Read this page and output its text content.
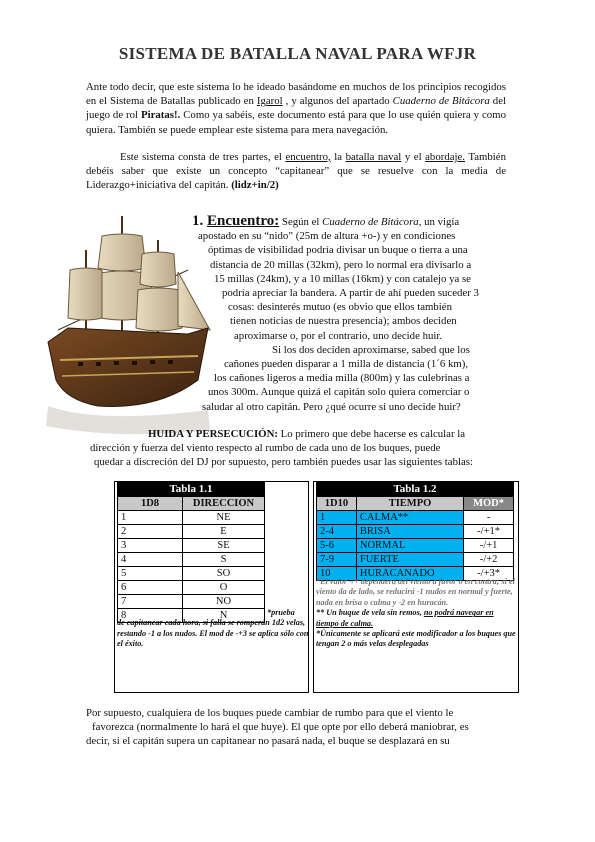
SISTEMA DE BATALLA NAVAL PARA WFJR
Ante todo decir, que este sistema lo he ideado basándome en muchos de los principios recogidos en el Sistema de Batallas publicado en Igarol , y algunos del apartado Cuaderno de Bitácora del juego de rol Piratas!. Como ya sabéis, este documento está para que lo use quién quiera y como quiera. También se puede emplear este sistema para mera navegación.
Este sistema consta de tres partes, el encuentro, la batalla naval y el abordaje. También debéis saber que existe un concepto “capitanear” que se resuelve con la media de Liderazgo+iniciativa del capitán. (lidz+in/2)
1. Encuentro: Según el Cuaderno de Bitácora, un vigía
apostado en su “nido” (25m de altura +o-) y en condiciones
óptimas de visibilidad podría divisar un buque o tierra a una
distancia de 20 millas (32km), pero lo normal era divisarlo a
15 millas (24km), y a 10 millas (16km) y con catalejo ya se
podría apreciar la bandera. A partir de ahí pueden suceder 3
cosas: desinterés mutuo (es obvio que ellos también
tienen noticias de nuestra presencia); ambos deciden
aproximarse o, por el contrario, uno decide huir.
Si los dos deciden aproximarse, sabed que los
cañones pueden disparar a 1 milla de distancia (1´6 km),
los cañones ligeros a media milla (800m) y las culebrinas a
unos 300m. Aunque quizá el capitán solo quiera comerciar o
saludar al otro capitán. Pero ¿qué ocurre si uno decide huir?
HUIDA Y PERSECUCIÓN: Lo primero que debe hacerse es calcular la
dirección y fuerza del viento respecto al rumbo de cada uno de los buques, puede
quedar a discreción del DJ por supuesto, pero también puedes usar las siguientes tablas:
Tabla 1.1	
1D8	DIRECCION
1	NE
2	E
3	SE
4	S
5	SO
6	O
7	NO
8	N	*prueba
de capitanear cada hora, si falla se romperán 1d2 velas, restando -1 a los nudos. El mod de -+3 se aplica sólo con el éxito.
Tabla 1.2		
1D10	TIEMPO	MOD*
1	CALMA**	-
2-4	BRISA	-/+1*
5-6	NORMAL	-/+1
7-9	FUERTE	-/+2
10	HURACANADO	-/+3*
*El valor -/+ dependerá del viento a favor o en contra; si el viento da de lado, se reducirá -1 nudos en normal y fuerte, nada en brisa o calma y -2 en huracán.
** Un buque de vela sin remos, no podrá navegar en tiempo de calma.
*Únicamente se aplicará este modificador a los buques que tengan 2 o más velas desplegadas
Por supuesto, cualquiera de los buques puede cambiar de rumbo para que el viento le
favorezca (normalmente lo hará el que huye). El que opte por ello deberá maniobrar, es
decir, si el capitán supera un capitanear no pasará nada, el buque se desplazará en su
